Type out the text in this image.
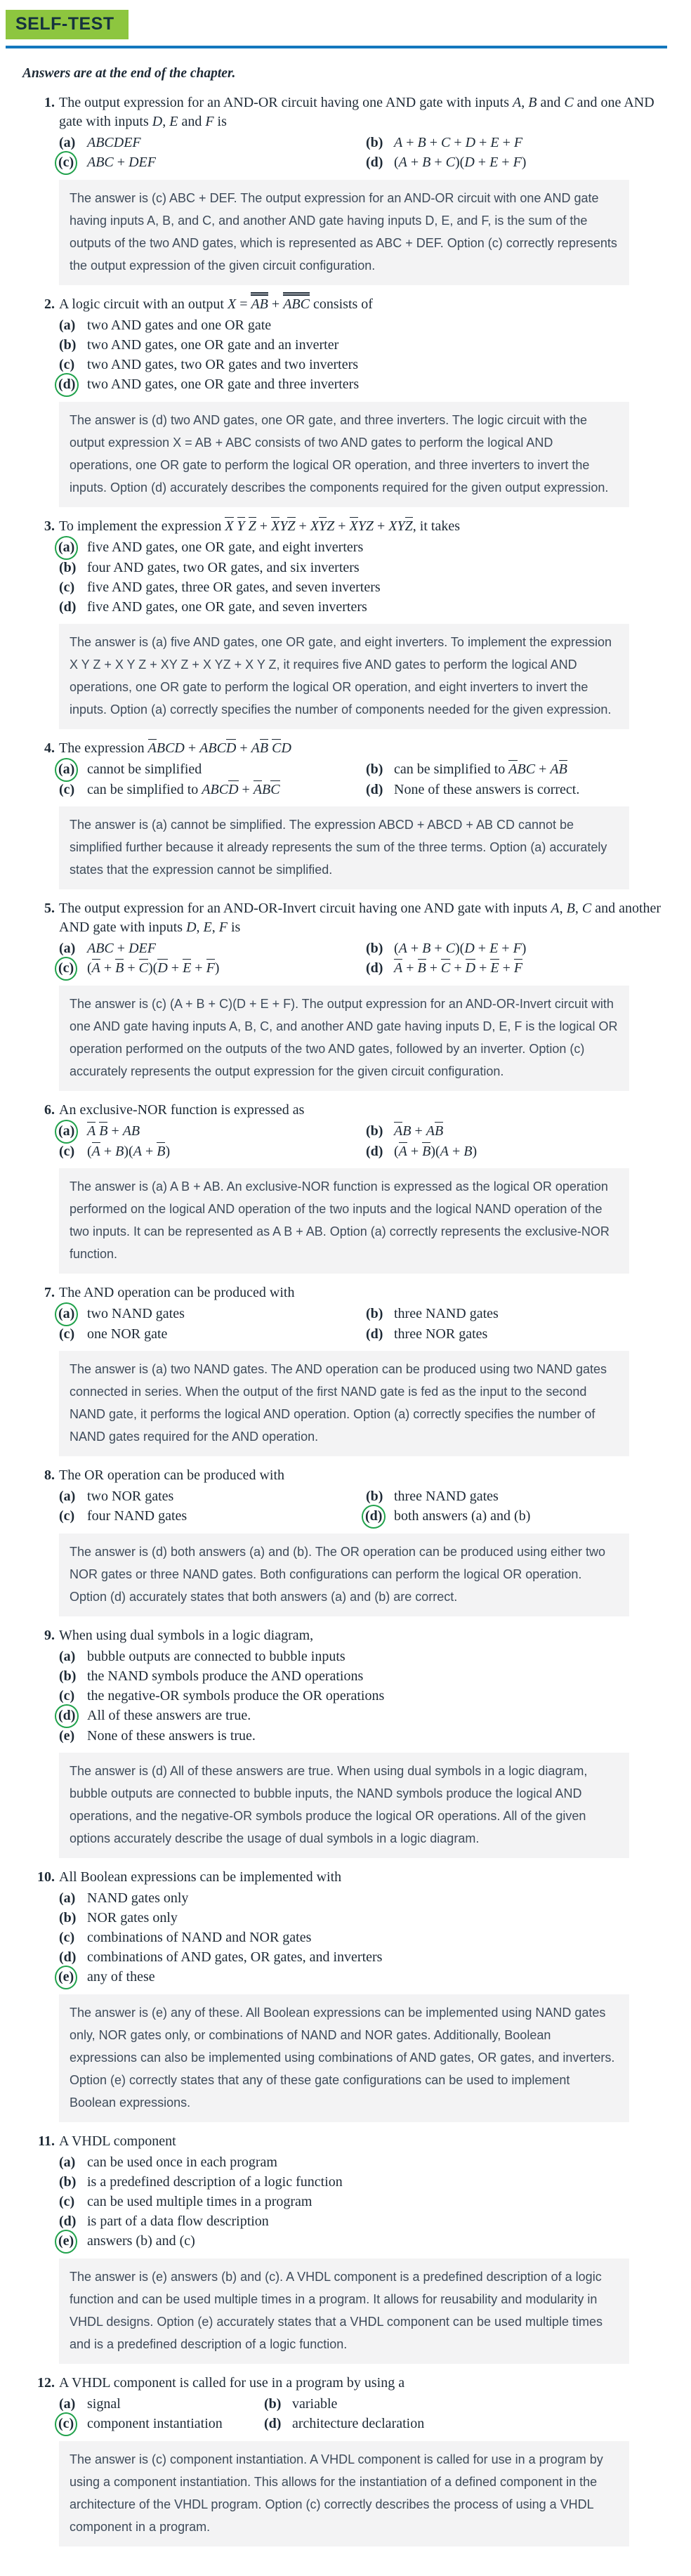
SELF-TEST

Answers are at the end of the chapter.

1. The output expression for an AND-OR circuit having one AND gate with inputs A, B and C and one AND gate with inputs D, E and F is
(a) ABCDEF	(b) A + B + C + D + E + F
(c) ABC + DEF	(d) (A + B + C)(D + E + F)
The answer is (c) ABC + DEF. The output expression for an AND-OR circuit with one AND gate having inputs A, B, and C, and another AND gate having inputs D, E, and F, is the sum of the outputs of the two AND gates, which is represented as ABC + DEF. Option (c) correctly represents the output expression of the given circuit configuration.
2. A logic circuit with an output X = AB + ABC consists of
(a) two AND gates and one OR gate
(b) two AND gates, one OR gate and an inverter
(c) two AND gates, two OR gates and two inverters
(d) two AND gates, one OR gate and three inverters
The answer is (d) two AND gates, one OR gate, and three inverters. The logic circuit with the output expression X = AB + ABC consists of two AND gates to perform the logical AND operations, one OR gate to perform the logical OR operation, and three inverters to invert the inputs. Option (d) accurately describes the components required for the given output expression.
3. To implement the expression X Y Z + XYZ + XYZ + XYZ + XYZ, it takes
(a) five AND gates, one OR gate, and eight inverters
(b) four AND gates, two OR gates, and six inverters
(c) five AND gates, three OR gates, and seven inverters
(d) five AND gates, one OR gate, and seven inverters
The answer is (a) five AND gates, one OR gate, and eight inverters. To implement the expression X Y Z + X Y Z + XY Z + X YZ + X Y Z, it requires five AND gates to perform the logical AND operations, one OR gate to perform the logical OR operation, and eight inverters to invert the inputs. Option (a) correctly specifies the number of components needed for the given expression.
4. The expression ABCD + ABCD + AB CD
(a) cannot be simplified	(b) can be simplified to ABC + AB
(c) can be simplified to ABCD + ABC	(d) None of these answers is correct.
The answer is (a) cannot be simplified. The expression ABCD + ABCD + AB CD cannot be simplified further because it already represents the sum of the three terms. Option (a) accurately states that the expression cannot be simplified.
5. The output expression for an AND-OR-Invert circuit having one AND gate with inputs A, B, C and another AND gate with inputs D, E, F is
(a) ABC + DEF	(b) (A + B + C)(D + E + F)
(c) (A + B + C)(D + E + F)	(d) A + B + C + D + E + F
The answer is (c) (A + B + C)(D + E + F). The output expression for an AND-OR-Invert circuit with one AND gate having inputs A, B, C, and another AND gate having inputs D, E, F is the logical OR operation performed on the outputs of the two AND gates, followed by an inverter. Option (c) accurately represents the output expression for the given circuit configuration.
6. An exclusive-NOR function is expressed as
(a) A B + AB	(b) AB + AB
(c) (A + B)(A + B)	(d) (A + B)(A + B)
The answer is (a) A B + AB. An exclusive-NOR function is expressed as the logical OR operation performed on the logical AND operation of the two inputs and the logical NAND operation of the two inputs. It can be represented as A B + AB. Option (a) correctly represents the exclusive-NOR function.
7. The AND operation can be produced with
(a) two NAND gates	(b) three NAND gates
(c) one NOR gate	(d) three NOR gates
The answer is (a) two NAND gates. The AND operation can be produced using two NAND gates connected in series. When the output of the first NAND gate is fed as the input to the second NAND gate, it performs the logical AND operation. Option (a) correctly specifies the number of NAND gates required for the AND operation.
8. The OR operation can be produced with
(a) two NOR gates	(b) three NAND gates
(c) four NAND gates	(d) both answers (a) and (b)
The answer is (d) both answers (a) and (b). The OR operation can be produced using either two NOR gates or three NAND gates. Both configurations can perform the logical OR operation. Option (d) accurately states that both answers (a) and (b) are correct.
9. When using dual symbols in a logic diagram,
(a) bubble outputs are connected to bubble inputs
(b) the NAND symbols produce the AND operations
(c) the negative-OR symbols produce the OR operations
(d) All of these answers are true.
(e) None of these answers is true.
The answer is (d) All of these answers are true. When using dual symbols in a logic diagram, bubble outputs are connected to bubble inputs, the NAND symbols produce the logical AND operations, and the negative-OR symbols produce the logical OR operations. All of the given options accurately describe the usage of dual symbols in a logic diagram.
10. All Boolean expressions can be implemented with
(a) NAND gates only
(b) NOR gates only
(c) combinations of NAND and NOR gates
(d) combinations of AND gates, OR gates, and inverters
(e) any of these
The answer is (e) any of these. All Boolean expressions can be implemented using NAND gates only, NOR gates only, or combinations of NAND and NOR gates. Additionally, Boolean expressions can also be implemented using combinations of AND gates, OR gates, and inverters. Option (e) correctly states that any of these gate configurations can be used to implement Boolean expressions.
11. A VHDL component
(a) can be used once in each program
(b) is a predefined description of a logic function
(c) can be used multiple times in a program
(d) is part of a data flow description
(e) answers (b) and (c)
The answer is (e) answers (b) and (c). A VHDL component is a predefined description of a logic function and can be used multiple times in a program. It allows for reusability and modularity in VHDL designs. Option (e) accurately states that a VHDL component can be used multiple times and is a predefined description of a logic function.
12. A VHDL component is called for use in a program by using a
(a) signal	(b) variable
(c) component instantiation	(d) architecture declaration
The answer is (c) component instantiation. A VHDL component is called for use in a program by using a component instantiation. This allows for the instantiation of a defined component in the architecture of the VHDL program. Option (c) correctly describes the process of using a VHDL component in a program.
